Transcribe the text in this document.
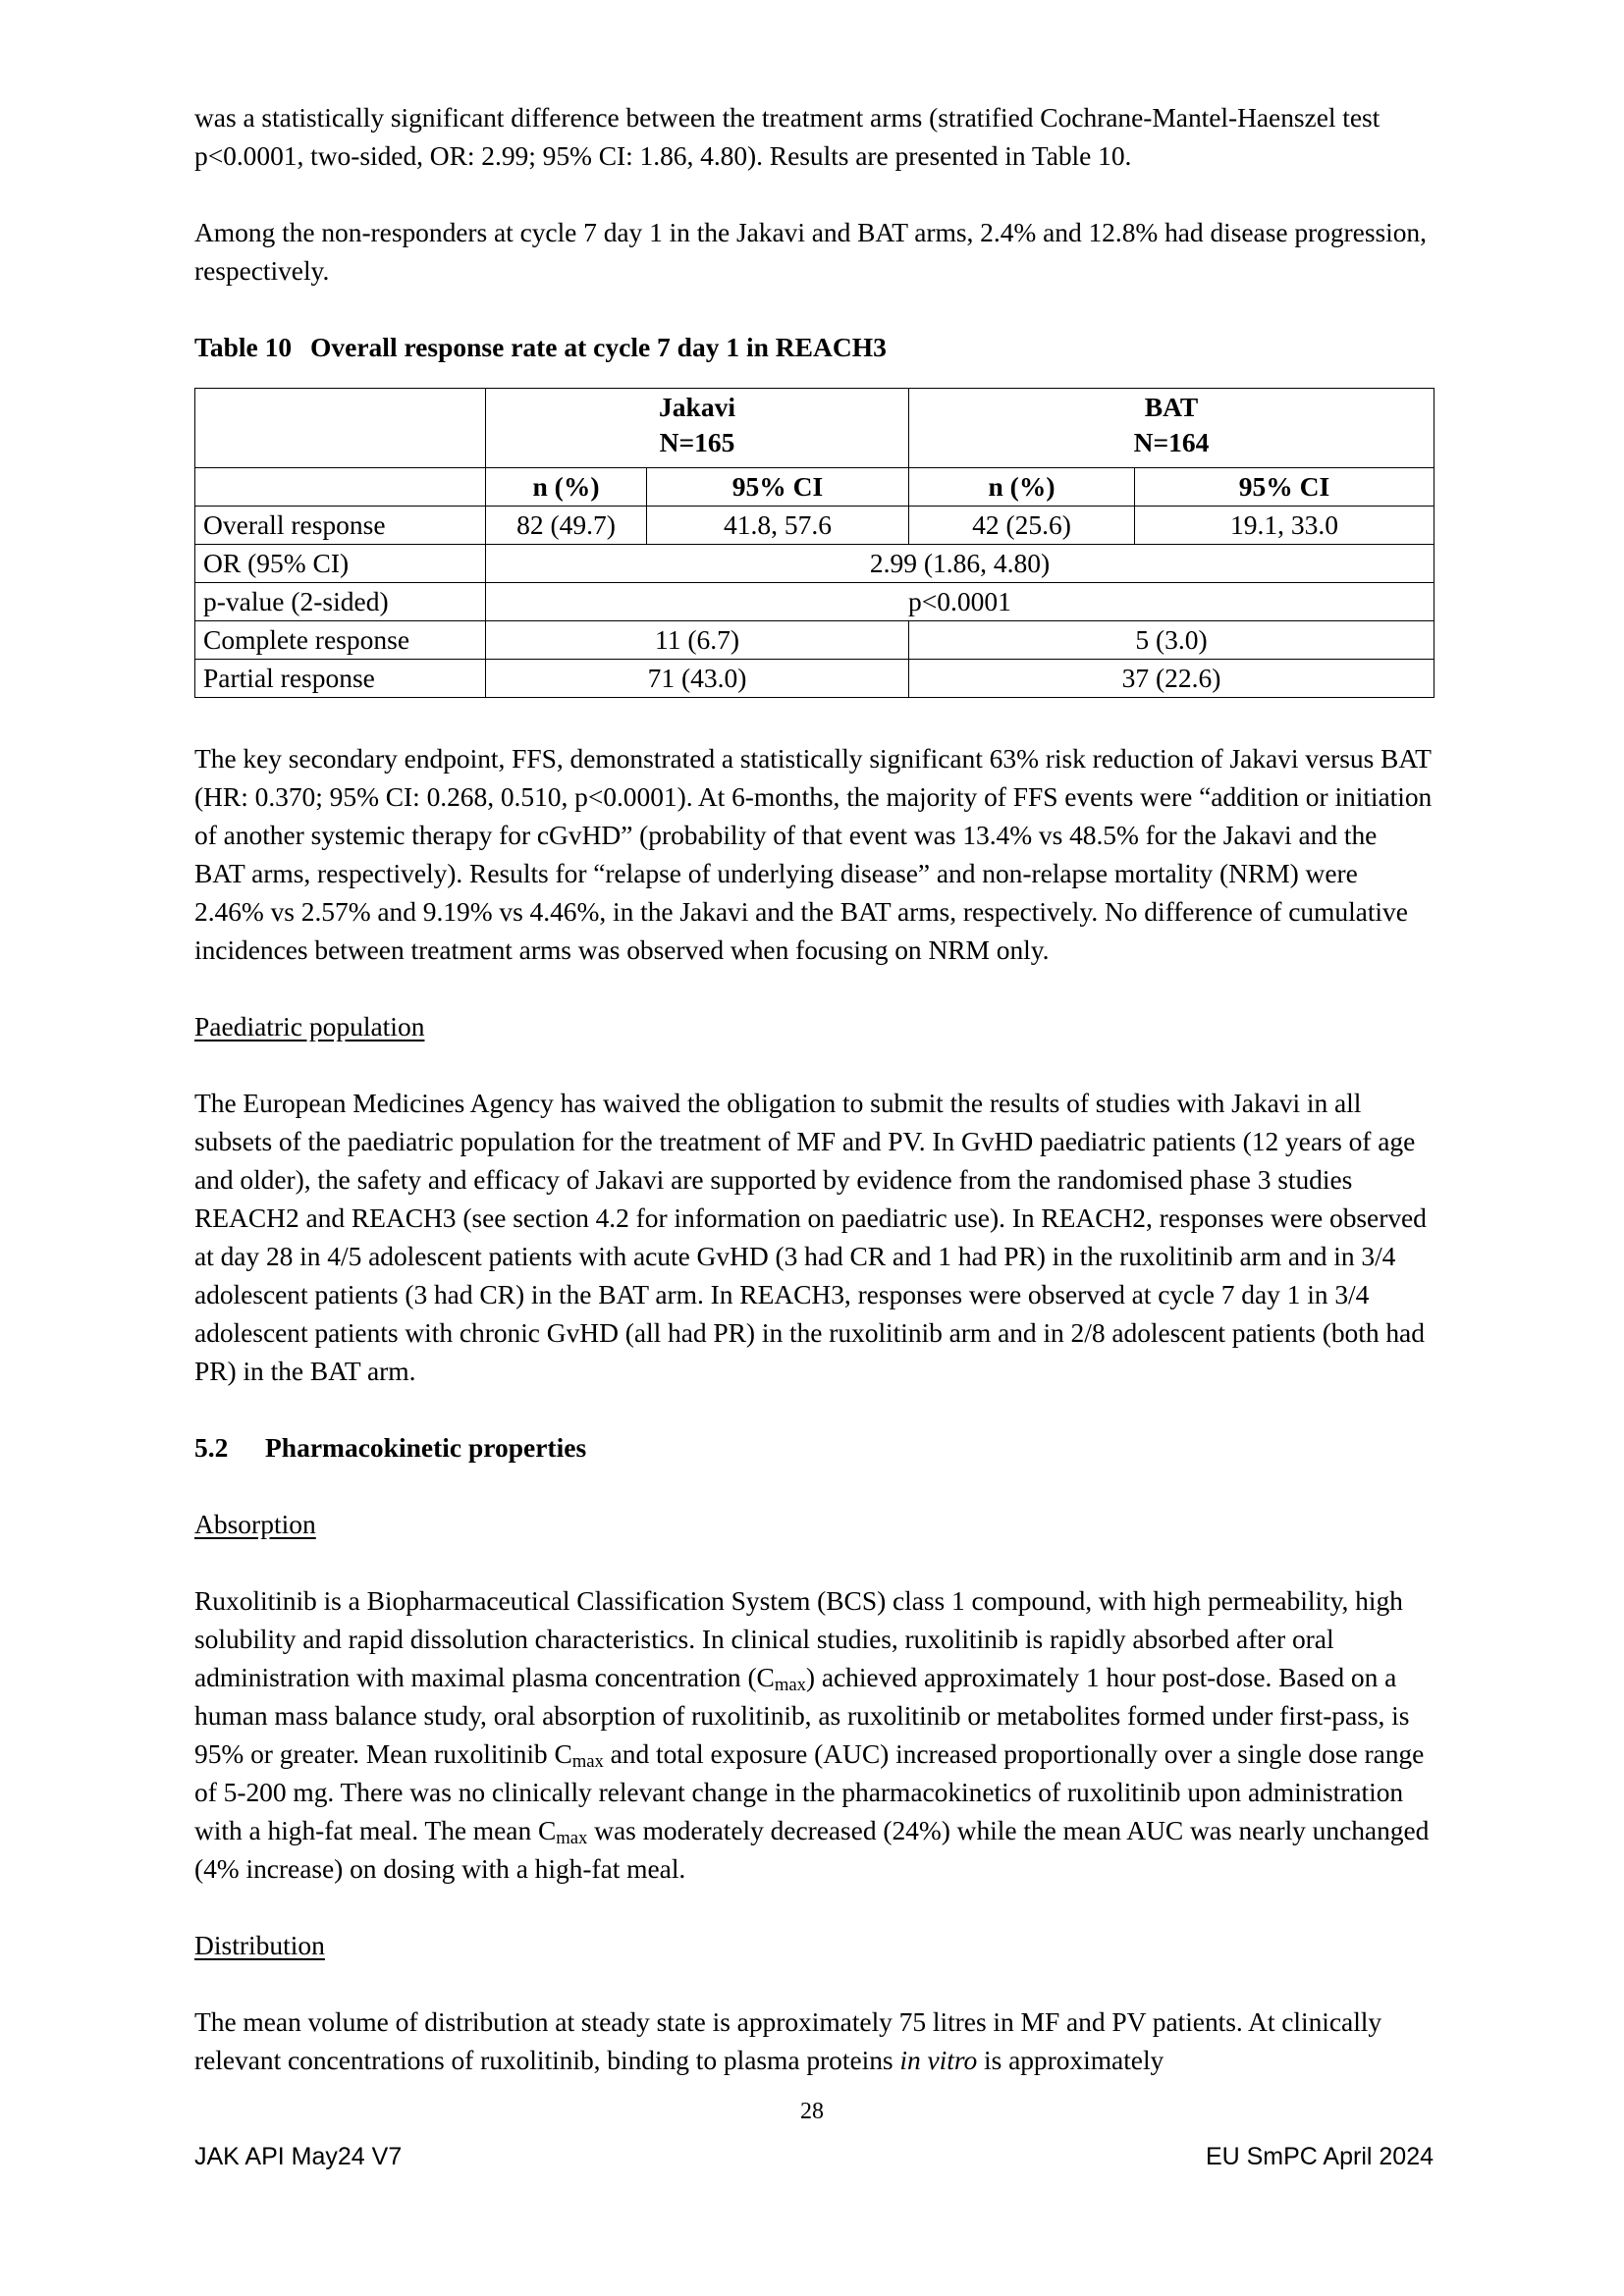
was a statistically significant difference between the treatment arms (stratified Cochrane-Mantel-Haenszel test p<0.0001, two-sided, OR: 2.99; 95% CI: 1.86, 4.80). Results are presented in Table 10.

Among the non-responders at cycle 7 day 1 in the Jakavi and BAT arms, 2.4% and 12.8% had disease progression, respectively.

Table 10 Overall response rate at cycle 7 day 1 in REACH3

Jakavi
N=165

BAT
N=164

	n (%)	95% CI	n (%)	95% CI
Overall response	82 (49.7)	41.8, 57.6	42 (25.6)	19.1, 33.0
OR (95% CI)	2.99 (1.86, 4.80)			
p-value (2-sided)	p<0.0001			
Complete response	11 (6.7)		5 (3.0)	
Partial response	71 (43.0)		37 (22.6)	

The key secondary endpoint, FFS, demonstrated a statistically significant 63% risk reduction of Jakavi versus BAT (HR: 0.370; 95% CI: 0.268, 0.510, p<0.0001). At 6-months, the majority of FFS events were “addition or initiation of another systemic therapy for cGvHD” (probability of that event was 13.4% vs 48.5% for the Jakavi and the BAT arms, respectively). Results for “relapse of underlying disease” and non-relapse mortality (NRM) were 2.46% vs 2.57% and 9.19% vs 4.46%, in the Jakavi and the BAT arms, respectively. No difference of cumulative incidences between treatment arms was observed when focusing on NRM only.

Paediatric population

The European Medicines Agency has waived the obligation to submit the results of studies with Jakavi in all subsets of the paediatric population for the treatment of MF and PV. In GvHD paediatric patients (12 years of age and older), the safety and efficacy of Jakavi are supported by evidence from the randomised phase 3 studies REACH2 and REACH3 (see section 4.2 for information on paediatric use). In REACH2, responses were observed at day 28 in 4/5 adolescent patients with acute GvHD (3 had CR and 1 had PR) in the ruxolitinib arm and in 3/4 adolescent patients (3 had CR) in the BAT arm. In REACH3, responses were observed at cycle 7 day 1 in 3/4 adolescent patients with chronic GvHD (all had PR) in the ruxolitinib arm and in 2/8 adolescent patients (both had PR) in the BAT arm.

5.2	Pharmacokinetic properties
Absorption

Ruxolitinib is a Biopharmaceutical Classification System (BCS) class 1 compound, with high permeability, high solubility and rapid dissolution characteristics. In clinical studies, ruxolitinib is rapidly absorbed after oral administration with maximal plasma concentration $(C_{max})$ achieved approximately 1 hour post-dose. Based on a human mass balance study, oral absorption of ruxolitinib, as ruxolitinib or metabolites formed under first-pass, is 95% or greater. Mean ruxolitinib $C_{max}$ and total exposure (AUC) increased proportionally over a single dose range of 5-200 mg. There was no clinically relevant change in the pharmacokinetics of ruxolitinib upon administration with a high-fat meal. The mean $C_{max}$ was moderately decreased (24%) while the mean AUC was nearly unchanged (4% increase) on dosing with a high-fat meal.

Distribution

The mean volume of distribution at steady state is approximately 75 litres in MF and PV patients. At clinically relevant concentrations of ruxolitinib, binding to plasma proteins in vitro is approximately

28
JAK API May24 V7	EU SmPC April 2024
